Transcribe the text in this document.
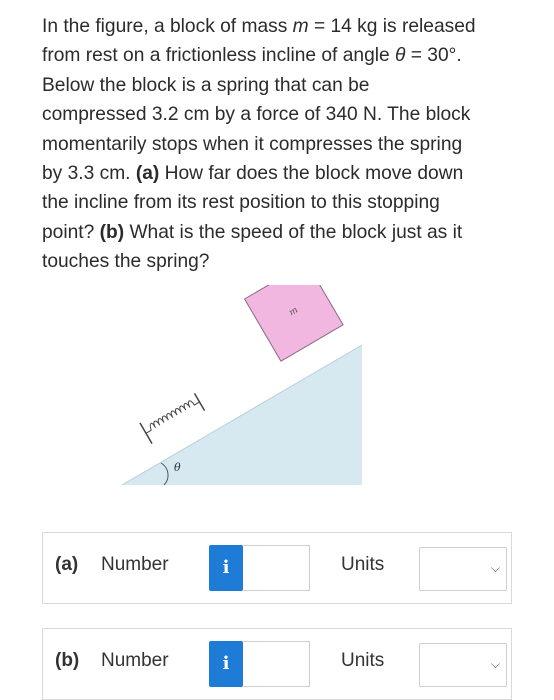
In the figure, a block of mass m = 14 kg is released
from rest on a frictionless incline of angle θ = 30°.
Below the block is a spring that can be
compressed 3.2 cm by a force of 340 N. The block
momentarily stops when it compresses the spring
by 3.3 cm. (a) How far does the block move down
the incline from its rest position to this stopping
point? (b) What is the speed of the block just as it
touches the spring?
m
θ
(a) Number	i	Units	⌵
(b) Number	i	Units	⌵
